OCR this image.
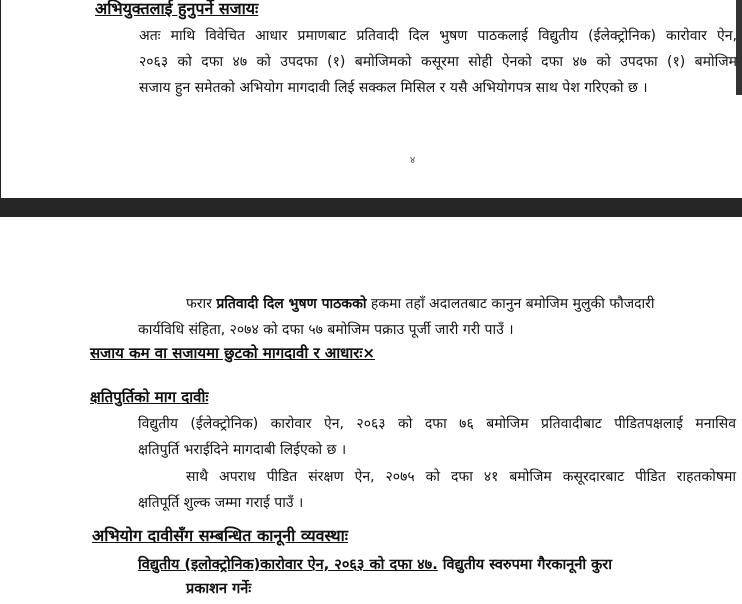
अभियुक्तलाई हुनुपर्ने सजायः
अतः माथि विवेचित आधार प्रमाणबाट प्रतिवादी दिल भुषण पाठकलाई विद्युतीय (ईलेक्ट्रोनिक) कारोवार ऐन,
२०६३ को दफा ४७ को उपदफा (१) बमोजिमको कसूरमा सोही ऐनको दफा ४७ को उपदफा (१) बमोजिम
सजाय हुन समेतको अभियोग मागदावी लिई सक्कल मिसिल र यसै अभियोगपत्र साथ पेश गरिएको छ ।
४
फरार प्रतिवादी दिल भुषण पाठकको हकमा तहाँ अदालतबाट कानुन बमोजिम मुलुकी फौजदारी
कार्यविधि संहिता, २०७४ को दफा ५७ बमोजिम पक्राउ पूर्जी जारी गरी पाउँ ।
सजाय कम वा सजायमा छुटको मागदावी र आधारः×
क्षतिपुर्तिको माग दावीः
विद्युतीय (ईलेक्ट्रोनिक) कारोवार ऐन, २०६३ को दफा ७६ बमोजिम प्रतिवादीबाट पीडितपक्षलाई मनासिव
क्षतिपुर्ति भराईदिने मागदाबी लिईएको छ ।
साथै अपराध पीडित संरक्षण ऐन, २०७५ को दफा ४१ बमोजिम कसूरदारबाट पीडित राहतकोषमा
क्षतिपूर्ति शुल्क जम्मा गराई पाउँ ।
अभियोग दावीसँग सम्बन्धित कानूनी व्यवस्थाः
विद्युतीय (इलोक्ट्रोनिक)कारोवार ऐन, २०६३ को दफा ४७. विद्युतीय स्वरुपमा गैरकानूनी कुरा
प्रकाशन गर्नेः
